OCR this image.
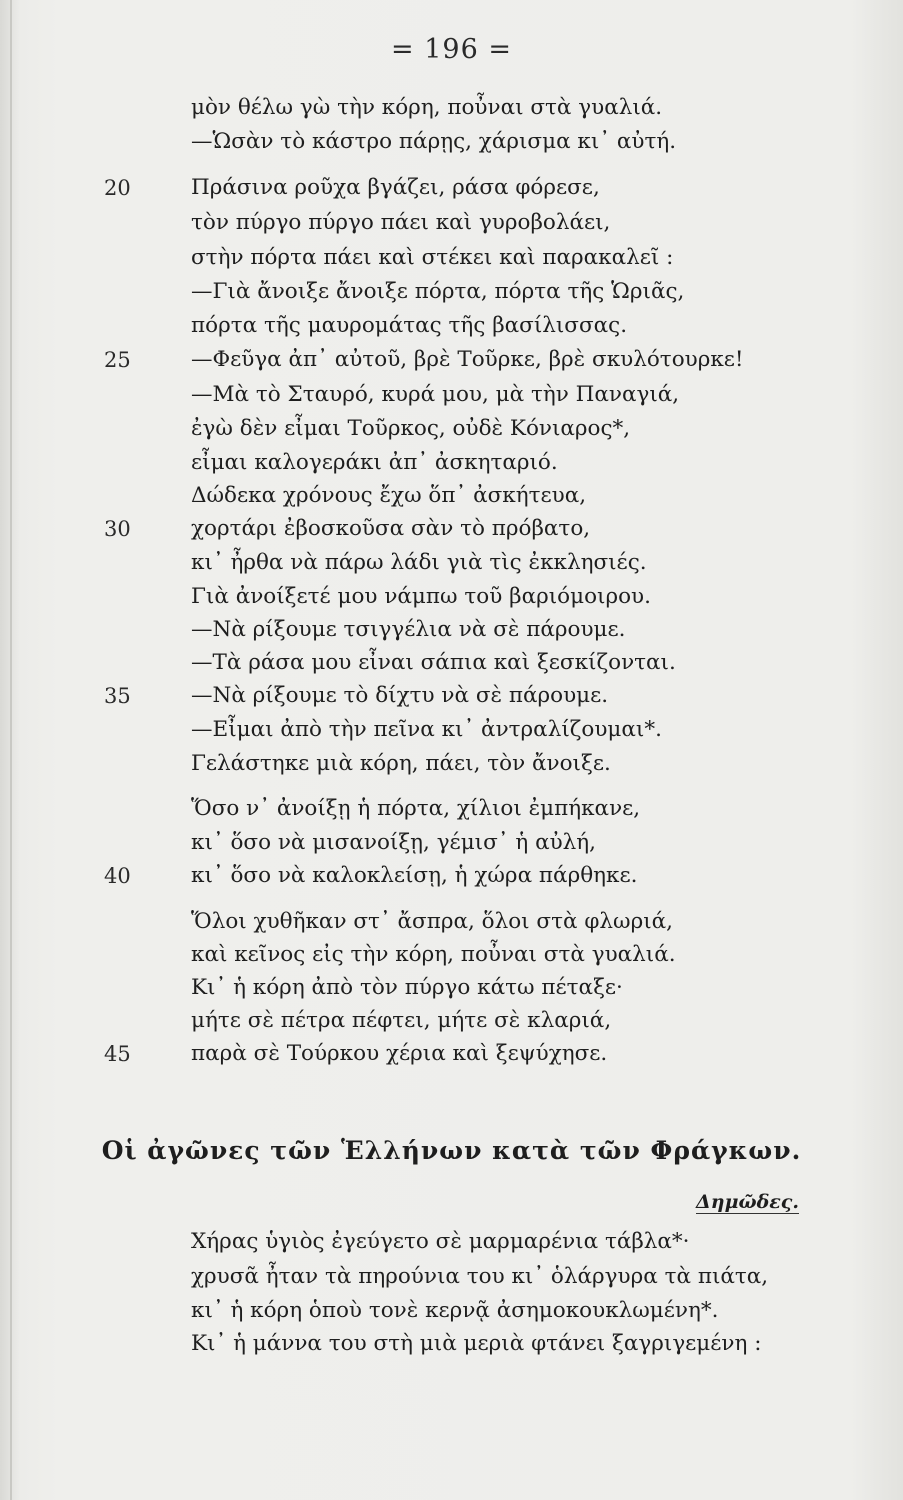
= 196 =
20
25
30
35
40
45
μὸν θέλω γὼ τὴν κόρη, ποὖναι στὰ γυαλιά.
—Ὡσὰν τὸ κάστρο πάρῃς, χάρισμα κι᾽ αὐτή.
Πράσινα ροῦχα βγάζει, ράσα φόρεσε,
τὸν πύργο πύργο πάει καὶ γυροβολάει,
στὴν πόρτα πάει καὶ στέκει καὶ παρακαλεῖ :
—Γιὰ ἄνοιξε ἄνοιξε πόρτα, πόρτα τῆς Ὡριᾶς,
πόρτα τῆς μαυρομάτας τῆς βασίλισσας.
—Φεῦγα ἀπ᾽ αὐτοῦ, βρὲ Τοῦρκε, βρὲ σκυλότουρκε!
—Μὰ τὸ Σταυρό, κυρά μου, μὰ τὴν Παναγιά,
ἐγὼ δὲν εἶμαι Τοῦρκος, οὐδὲ Κόνιαρος*,
εἶμαι καλογεράκι ἀπ᾽ ἀσκηταριό.
Δώδεκα χρόνους ἔχω ὅπ᾽ ἀσκήτευα,
χορτάρι ἐβοσκοῦσα σὰν τὸ πρόβατο,
κι᾽ ἦρθα νὰ πάρω λάδι γιὰ τὶς ἐκκλησιές.
Γιὰ ἀνοίξετέ μου νάμπω τοῦ βαριόμοιρου.
—Νὰ ρίξουμε τσιγγέλια νὰ σὲ πάρουμε.
—Τὰ ράσα μου εἶναι σάπια καὶ ξεσκίζονται.
—Νὰ ρίξουμε τὸ δίχτυ νὰ σὲ πάρουμε.
—Εἶμαι ἀπὸ τὴν πεῖνα κι᾽ ἀντραλίζουμαι*.
Γελάστηκε μιὰ κόρη, πάει, τὸν ἄνοιξε.
Ὅσο ν᾽ ἀνοίξῃ ἡ πόρτα, χίλιοι ἐμπήκανε,
κι᾽ ὅσο νὰ μισανοίξῃ, γέμισ᾽ ἡ αὐλή,
κι᾽ ὅσο νὰ καλοκλείσῃ, ἡ χώρα πάρθηκε.
Ὅλοι χυθῆκαν στ᾽ ἄσπρα, ὅλοι στὰ φλωριά,
καὶ κεῖνος εἰς τὴν κόρη, ποὖναι στὰ γυαλιά.
Κι᾽ ἡ κόρη ἀπὸ τὸν πύργο κάτω πέταξε·
μήτε σὲ πέτρα πέφτει, μήτε σὲ κλαριά,
παρὰ σὲ Τούρκου χέρια καὶ ξεψύχησε.
Οἱ ἀγῶνες τῶν Ἑλλήνων κατὰ τῶν Φράγκων.
Δημῶδες.
Χήρας ὑγιὸς ἐγεύγετο σὲ μαρμαρένια τάβλα*·
χρυσᾶ ἦταν τὰ πηρούνια του κι᾽ ὁλάργυρα τὰ πιάτα,
κι᾽ ἡ κόρη ὁποὺ τονὲ κερνᾷ ἀσημοκουκλωμένη*.
Κι᾽ ἡ μάννα του στὴ μιὰ μεριὰ φτάνει ξαγριγεμένη :
